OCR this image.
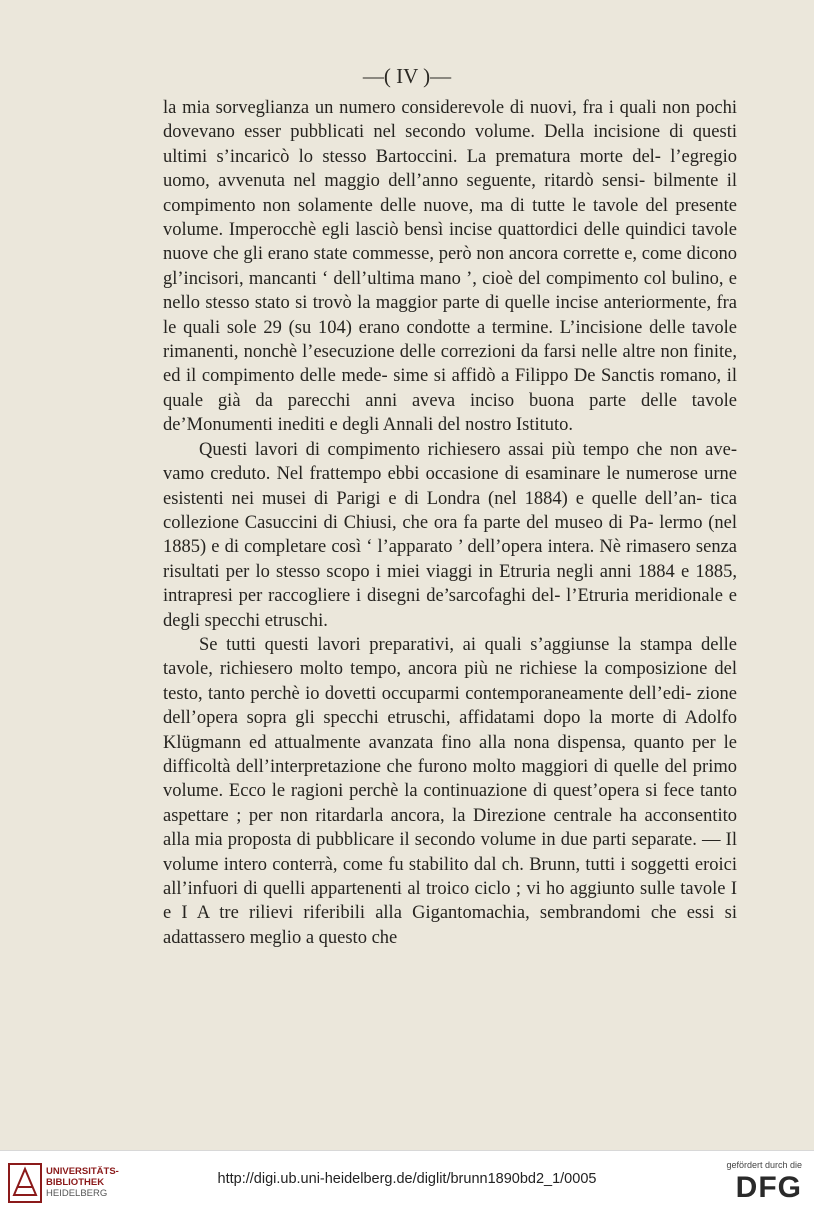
—( IV )—

la mia sorveglianza un numero considerevole di nuovi, fra i quali non pochi dovevano esser pubblicati nel secondo volume. Della incisione di questi ultimi s’incaricò lo stesso Bartoccini. La prematura morte del- l’egregio uomo, avvenuta nel maggio dell’anno seguente, ritardò sensi- bilmente il compimento non solamente delle nuove, ma di tutte le tavole del presente volume. Imperocchè egli lasciò bensì incise quattordici delle quindici tavole nuove che gli erano state commesse, però non ancora corrette e, come dicono gl’incisori, mancanti ‘ dell’ultima mano ’, cioè del compimento col bulino, e nello stesso stato si trovò la maggior parte di quelle incise anteriormente, fra le quali sole 29 (su 104) erano condotte a termine. L’incisione delle tavole rimanenti, nonchè l’esecuzione delle correzioni da farsi nelle altre non finite, ed il compimento delle mede- sime si affidò a Filippo De Sanctis romano, il quale già da parecchi anni aveva inciso buona parte delle tavole de’Monumenti inediti e degli Annali del nostro Istituto.

Questi lavori di compimento richiesero assai più tempo che non ave- vamo creduto. Nel frattempo ebbi occasione di esaminare le numerose urne esistenti nei musei di Parigi e di Londra (nel 1884) e quelle dell’an- tica collezione Casuccini di Chiusi, che ora fa parte del museo di Pa- lermo (nel 1885) e di completare così ‘ l’apparato ’ dell’opera intera. Nè rimasero senza risultati per lo stesso scopo i miei viaggi in Etruria negli anni 1884 e 1885, intrapresi per raccogliere i disegni de’sarcofaghi del- l’Etruria meridionale e degli specchi etruschi.

Se tutti questi lavori preparativi, ai quali s’aggiunse la stampa delle tavole, richiesero molto tempo, ancora più ne richiese la composizione del testo, tanto perchè io dovetti occuparmi contemporaneamente dell’edi- zione dell’opera sopra gli specchi etruschi, affidatami dopo la morte di Adolfo Klügmann ed attualmente avanzata fino alla nona dispensa, quanto per le difficoltà dell’interpretazione che furono molto maggiori di quelle del primo volume. Ecco le ragioni perchè la continuazione di quest’opera si fece tanto aspettare ; per non ritardarla ancora, la Direzione centrale ha acconsentito alla mia proposta di pubblicare il secondo volume in due parti separate. — Il volume intero conterrà, come fu stabilito dal ch. Brunn, tutti i soggetti eroici all’infuori di quelli appartenenti al troico ciclo ; vi ho aggiunto sulle tavole I e I A tre rilievi riferibili alla Gigantomachia, sembrandomi che essi si adattassero meglio a questo che

UNIVERSITÄTS-
BIBLIOTHEK
HEIDELBERG
http://digi.ub.uni-heidelberg.de/diglit/brunn1890bd2_1/0005
gefördert durch die
DFG
